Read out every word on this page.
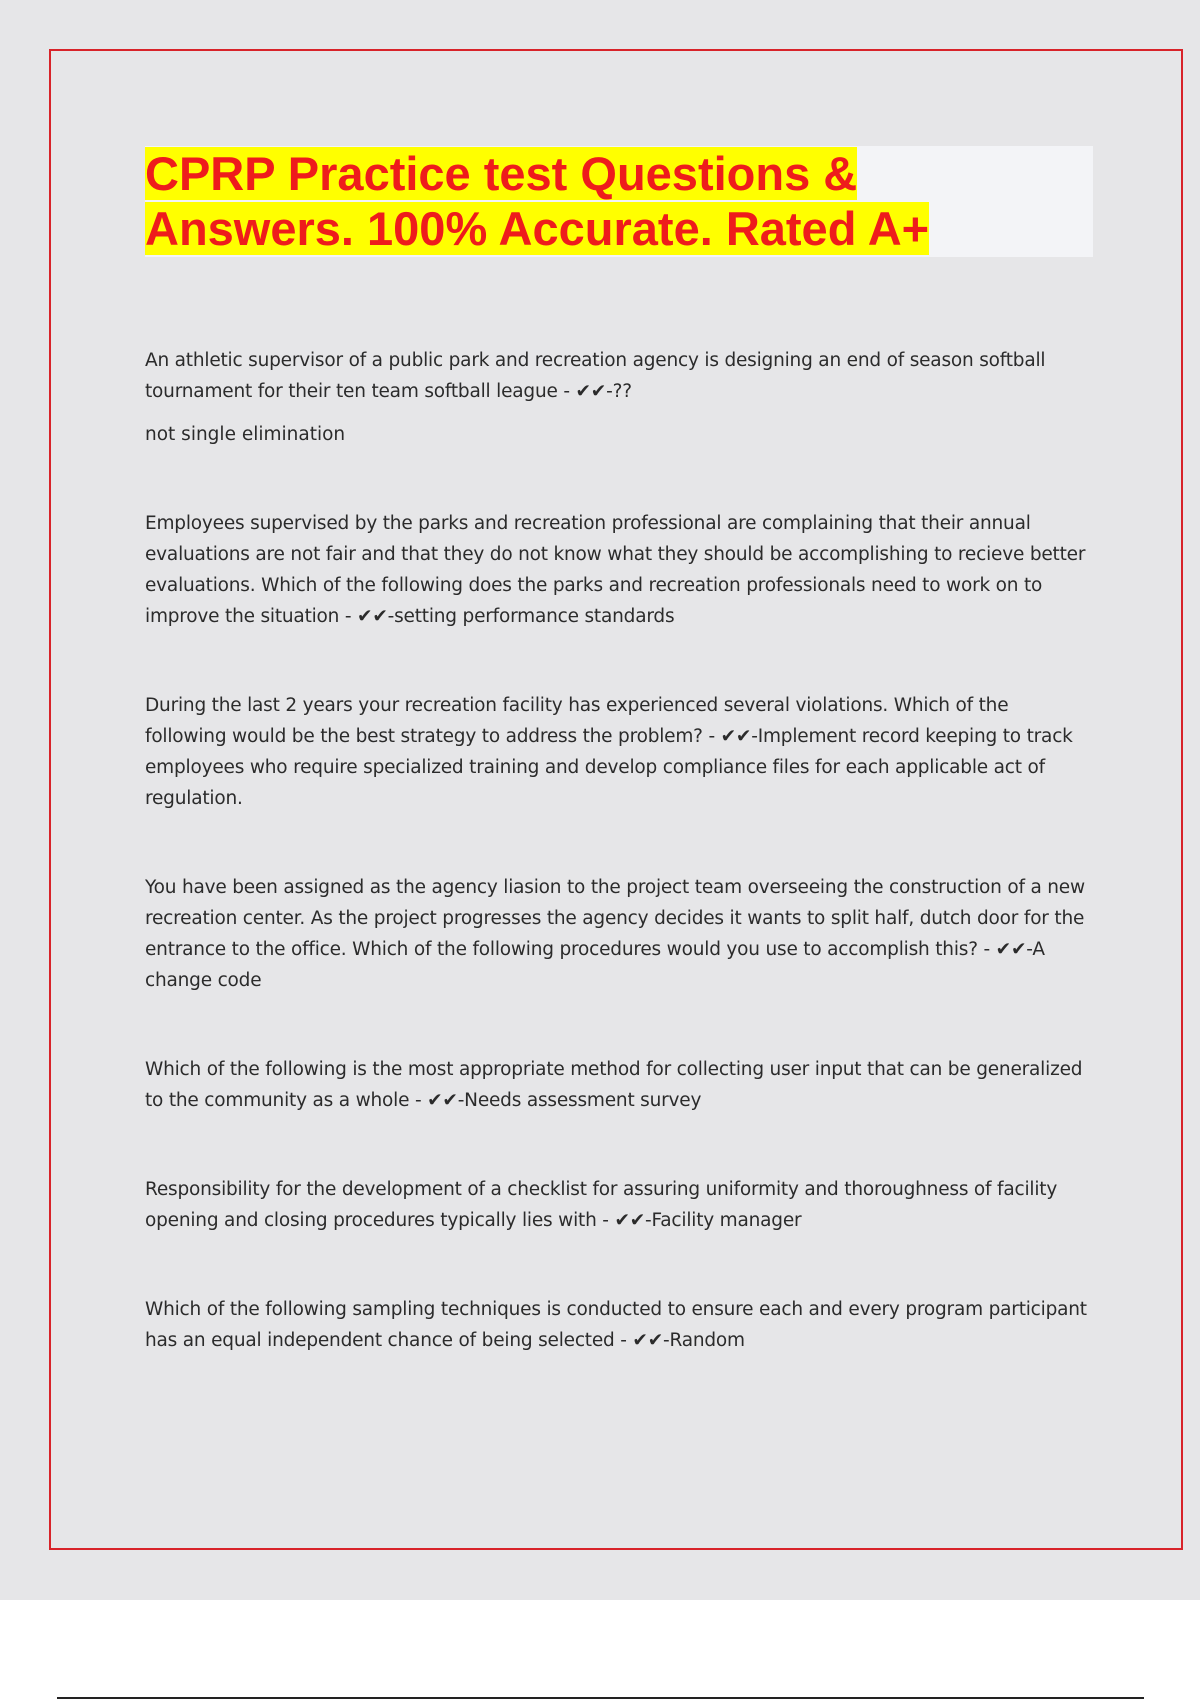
CPRP Practice test Questions &
Answers. 100% Accurate. Rated A+

An athletic supervisor of a public park and recreation agency is designing an end of season softball tournament for their ten team softball league - ✔✔-??

not single elimination

Employees supervised by the parks and recreation professional are complaining that their annual evaluations are not fair and that they do not know what they should be accomplishing to recieve better evaluations. Which of the following does the parks and recreation professionals need to work on to improve the situation - ✔✔-setting performance standards

During the last 2 years your recreation facility has experienced several violations. Which of the following would be the best strategy to address the problem? - ✔✔-Implement record keeping to track employees who require specialized training and develop compliance files for each applicable act of regulation.

You have been assigned as the agency liasion to the project team overseeing the construction of a new recreation center. As the project progresses the agency decides it wants to split half, dutch door for the entrance to the office. Which of the following procedures would you use to accomplish this? - ✔✔-A change code

Which of the following is the most appropriate method for collecting user input that can be generalized to the community as a whole - ✔✔-Needs assessment survey

Responsibility for the development of a checklist for assuring uniformity and thoroughness of facility opening and closing procedures typically lies with - ✔✔-Facility manager

Which of the following sampling techniques is conducted to ensure each and every program participant has an equal independent chance of being selected - ✔✔-Random
